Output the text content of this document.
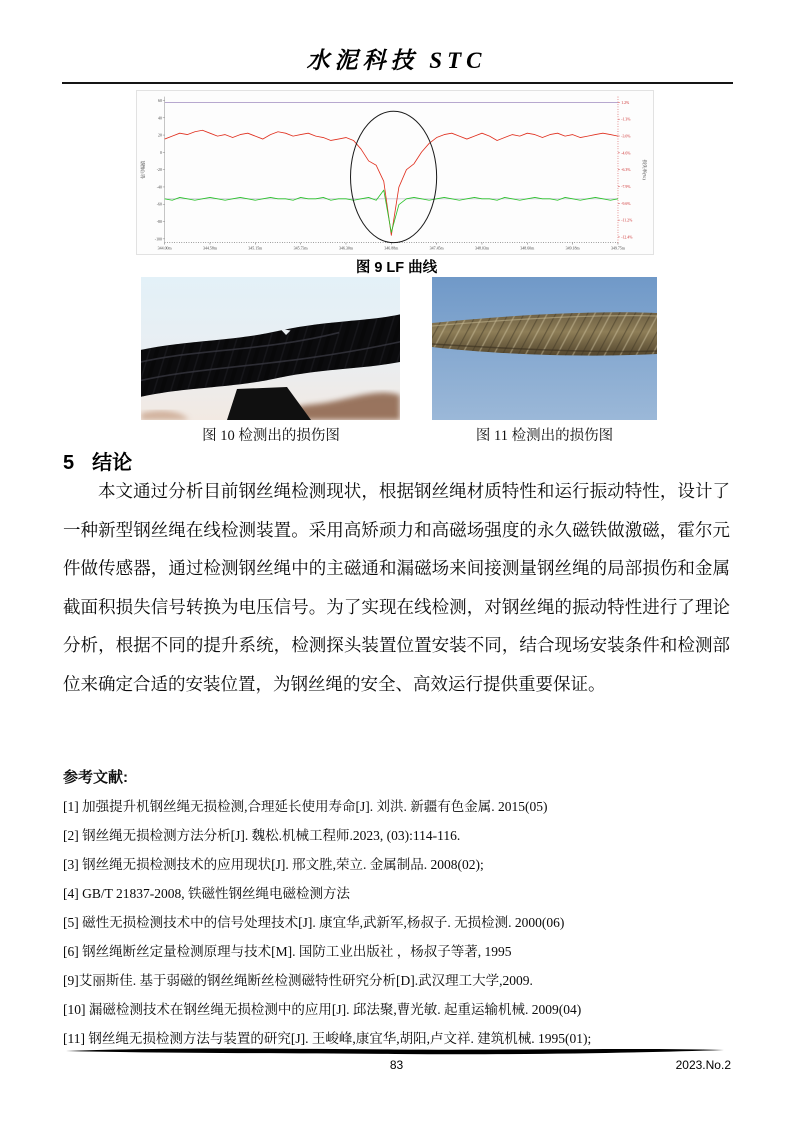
水泥科技 STC
344.00m	344.58m	345.15m	345.73m	346.30m	346.88m	347.45m	348.03m	348.60m	349.18m	349.75m
60
40
20
0
-20
-40
-60
-80
-100
1.2%
-1.3%
-3.0%
-4.6%
-6.3%
-7.9%
-9.6%
-11.2%
-12.4%
信号幅值	损失率(%)
图 9 LF 曲线
图 10 检测出的损伤图	图 11 检测出的损伤图
5 结论

本文通过分析目前钢丝绳检测现状，根据钢丝绳材质特性和运行振动特性，设计了一种新型钢丝绳在线检测装置。采用高矫顽力和高磁场强度的永久磁铁做激磁，霍尔元件做传感器，通过检测钢丝绳中的主磁通和漏磁场来间接测量钢丝绳的局部损伤和金属截面积损失信号转换为电压信号。为了实现在线检测，对钢丝绳的振动特性进行了理论分析，根据不同的提升系统，检测探头装置位置安装不同，结合现场安装条件和检测部位来确定合适的安装位置，为钢丝绳的安全、高效运行提供重要保证。

参考文献:

[1] 加强提升机钢丝绳无损检测,合理延长使用寿命[J]. 刘洪. 新疆有色金属. 2015(05)
[2] 钢丝绳无损检测方法分析[J]. 魏松.机械工程师.2023, (03):114-116.
[3] 钢丝绳无损检测技术的应用现状[J]. 邢文胜,荣立. 金属制品. 2008(02);
[4] GB/T 21837-2008, 铁磁性钢丝绳电磁检测方法
[5] 磁性无损检测技术中的信号处理技术[J]. 康宜华,武新军,杨叔子. 无损检测. 2000(06)
[6] 钢丝绳断丝定量检测原理与技术[M]. 国防工业出版社 ，杨叔子等著, 1995
[9]艾丽斯佳. 基于弱磁的钢丝绳断丝检测磁特性研究分析[D].武汉理工大学,2009.
[10] 漏磁检测技术在钢丝绳无损检测中的应用[J]. 邱法聚,曹光敏. 起重运输机械. 2009(04)
[11] 钢丝绳无损检测方法与装置的研究[J]. 王峻峰,康宜华,胡阳,卢文祥. 建筑机械. 1995(01);
83	2023.No.2
